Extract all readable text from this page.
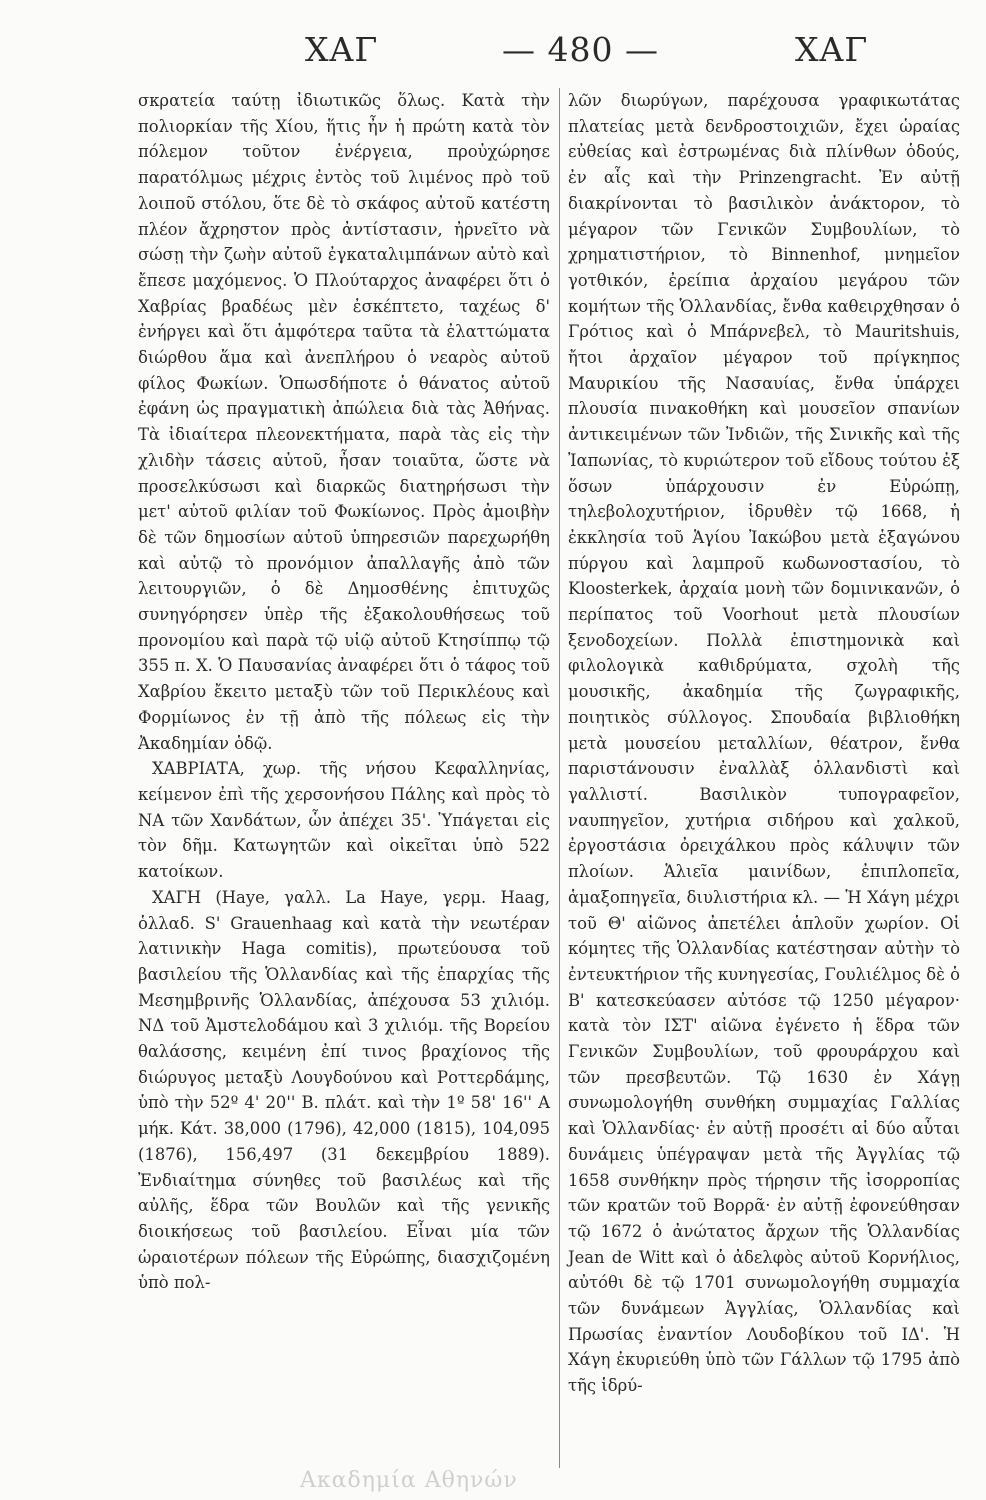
ΧΑΓ	— 480 —	ΧΑΓ

σκρατεία ταύτῃ ἰδιωτικῶς ὅλως. Κατὰ τὴν πολιορκίαν τῆς Χίου, ἥτις ἦν ἡ πρώτη κατὰ τὸν πόλεμον τοῦτον ἐνέργεια, προὐχώρησε παρατόλμως μέχρις ἐντὸς τοῦ λιμένος πρὸ τοῦ λοιποῦ στόλου, ὅτε δὲ τὸ σκάφος αὐτοῦ κατέστη πλέον ἄχρηστον πρὸς ἀντίστασιν, ἠρνεῖτο νὰ σώσῃ τὴν ζωὴν αὐτοῦ ἐγκαταλιμπάνων αὐτὸ καὶ ἔπεσε μαχόμενος. Ὁ Πλούταρχος ἀναφέρει ὅτι ὁ Χαβρίας βραδέως μὲν ἐσκέπτετο, ταχέως δ' ἐνήργει καὶ ὅτι ἀμφότερα ταῦτα τὰ ἐλαττώματα διώρθου ἅμα καὶ ἀνεπλήρου ὁ νεαρὸς αὐτοῦ φίλος Φωκίων. Ὁπωσδήποτε ὁ θάνατος αὐτοῦ ἐφάνη ὡς πραγματικὴ ἀπώλεια διὰ τὰς Ἀθήνας. Τὰ ἰδιαίτερα πλεονεκτήματα, παρὰ τὰς εἰς τὴν χλιδὴν τάσεις αὐτοῦ, ἦσαν τοιαῦτα, ὥστε νὰ προσελκύσωσι καὶ διαρκῶς διατηρήσωσι τὴν μετ' αὐτοῦ φιλίαν τοῦ Φωκίωνος. Πρὸς ἀμοιβὴν δὲ τῶν δημοσίων αὐτοῦ ὑπηρεσιῶν παρεχωρήθη καὶ αὐτῷ τὸ προνόμιον ἀπαλλαγῆς ἀπὸ τῶν λειτουργιῶν, ὁ δὲ Δημοσθένης ἐπιτυχῶς συνηγόρησεν ὑπὲρ τῆς ἐξακολουθήσεως τοῦ προνομίου καὶ παρὰ τῷ υἱῷ αὐτοῦ Κτησίππῳ τῷ 355 π. Χ. Ὁ Παυσανίας ἀναφέρει ὅτι ὁ τάφος τοῦ Χαβρίου ἔκειτο μεταξὺ τῶν τοῦ Περικλέους καὶ Φορμίωνος ἐν τῇ ἀπὸ τῆς πόλεως εἰς τὴν Ἀκαδημίαν ὁδῷ.

ΧΑΒΡΙΑΤΑ, χωρ. τῆς νήσου Κεφαλληνίας, κείμενον ἐπὶ τῆς χερσονήσου Πάλης καὶ πρὸς τὸ ΝΑ τῶν Χανδάτων, ὧν ἀπέχει 35'. Ὑπάγεται εἰς τὸν δῆμ. Κατωγητῶν καὶ οἰκεῖται ὑπὸ 522 κατοίκων.

ΧΑΓΗ (Haye, γαλλ. La Haye, γερμ. Haag, ὁλλαδ. S' Grauenhaag καὶ κατὰ τὴν νεωτέραν λατινικὴν Haga comitis), πρωτεύουσα τοῦ βασιλείου τῆς Ὁλλανδίας καὶ τῆς ἐπαρχίας τῆς Μεσημβρινῆς Ὁλλανδίας, ἀπέχουσα 53 χιλιόμ. ΝΔ τοῦ Ἀμστελοδάμου καὶ 3 χιλιόμ. τῆς Βορείου θαλάσσης, κειμένη ἐπί τινος βραχίονος τῆς διώρυγος μεταξὺ Λουγδούνου καὶ Ροττερδάμης, ὑπὸ τὴν 52º 4' 20'' Β. πλάτ. καὶ τὴν 1º 58' 16'' Α μήκ. Κάτ. 38,000 (1796), 42,000 (1815), 104,095 (1876), 156,497 (31 δεκεμβρίου 1889). Ἐνδιαίτημα σύνηθες τοῦ βασιλέως καὶ τῆς αὐλῆς, ἕδρα τῶν Βουλῶν καὶ τῆς γενικῆς διοικήσεως τοῦ βασιλείου. Εἶναι μία τῶν ὡραιοτέρων πόλεων τῆς Εὐρώπης, διασχιζομένη ὑπὸ πολ-

λῶν διωρύγων, παρέχουσα γραφικωτάτας πλατείας μετὰ δενδροστοιχιῶν, ἔχει ὡραίας εὐθείας καὶ ἐστρωμένας διὰ πλίνθων ὁδούς, ἐν αἷς καὶ τὴν Prinzengracht. Ἐν αὐτῇ διακρίνονται τὸ βασιλικὸν ἀνάκτορον, τὸ μέγαρον τῶν Γενικῶν Συμβουλίων, τὸ χρηματιστήριον, τὸ Binnenhof, μνημεῖον γοτθικόν, ἐρείπια ἀρχαίου μεγάρου τῶν κομήτων τῆς Ὁλλανδίας, ἔνθα καθειρχθησαν ὁ Γρότιος καὶ ὁ Μπάρνεβελ, τὸ Mauritshuis, ἤτοι ἀρχαῖον μέγαρον τοῦ πρίγκηπος Μαυρικίου τῆς Νασαυίας, ἔνθα ὑπάρχει πλουσία πινακοθήκη καὶ μουσεῖον σπανίων ἀντικειμένων τῶν Ἰνδιῶν, τῆς Σινικῆς καὶ τῆς Ἰαπωνίας, τὸ κυριώτερον τοῦ εἴδους τούτου ἐξ ὅσων ὑπάρχουσιν ἐν Εὐρώπῃ, τηλεβολοχυτήριον, ἱδρυθὲν τῷ 1668, ἡ ἐκκλησία τοῦ Ἁγίου Ἰακώβου μετὰ ἑξαγώνου πύργου καὶ λαμπροῦ κωδωνοστασίου, τὸ Kloosterkek, ἀρχαία μονὴ τῶν δομινικανῶν, ὁ περίπατος τοῦ Voorhout μετὰ πλουσίων ξενοδοχείων. Πολλὰ ἐπιστημονικὰ καὶ φιλολογικὰ καθιδρύματα, σχολὴ τῆς μουσικῆς, ἀκαδημία τῆς ζωγραφικῆς, ποιητικὸς σύλλογος. Σπουδαία βιβλιοθήκη μετὰ μουσείου μεταλλίων, θέατρον, ἔνθα παριστάνουσιν ἐναλλὰξ ὁλλανδιστὶ καὶ γαλλιστί. Βασιλικὸν τυπογραφεῖον, ναυπηγεῖον, χυτήρια σιδήρου καὶ χαλκοῦ, ἐργοστάσια ὀρειχάλκου πρὸς κάλυψιν τῶν πλοίων. Ἁλιεῖα μαινίδων, ἐπιπλοπεῖα, ἁμαξοπηγεῖα, διυλιστήρια κλ. — Ἡ Χάγη μέχρι τοῦ Θ' αἰῶνος ἀπετέλει ἁπλοῦν χωρίον. Οἱ κόμητες τῆς Ὁλλανδίας κατέστησαν αὐτὴν τὸ ἐντευκτήριον τῆς κυνηγεσίας, Γουλιέλμος δὲ ὁ Β' κατεσκεύασεν αὐτόσε τῷ 1250 μέγαρον· κατὰ τὸν ΙΣΤ' αἰῶνα ἐγένετο ἡ ἕδρα τῶν Γενικῶν Συμβουλίων, τοῦ φρουράρχου καὶ τῶν πρεσβευτῶν. Τῷ 1630 ἐν Χάγῃ συνωμολογήθη συνθήκη συμμαχίας Γαλλίας καὶ Ὁλλανδίας· ἐν αὐτῇ προσέτι αἱ δύο αὗται δυνάμεις ὑπέγραψαν μετὰ τῆς Ἀγγλίας τῷ 1658 συνθήκην πρὸς τήρησιν τῆς ἰσορροπίας τῶν κρατῶν τοῦ Βορρᾶ· ἐν αὐτῇ ἐφονεύθησαν τῷ 1672 ὁ ἀνώτατος ἄρχων τῆς Ὁλλανδίας Jean de Witt καὶ ὁ ἀδελφὸς αὐτοῦ Κορνήλιος, αὐτόθι δὲ τῷ 1701 συνωμολογήθη συμμαχία τῶν δυνάμεων Ἀγγλίας, Ὁλλανδίας καὶ Πρωσίας ἐναντίον Λουδοβίκου τοῦ ΙΔ'. Ἡ Χάγη ἐκυριεύθη ὑπὸ τῶν Γάλλων τῷ 1795 ἀπὸ τῆς ἱδρύ-

Ακαδημία Αθηνών
